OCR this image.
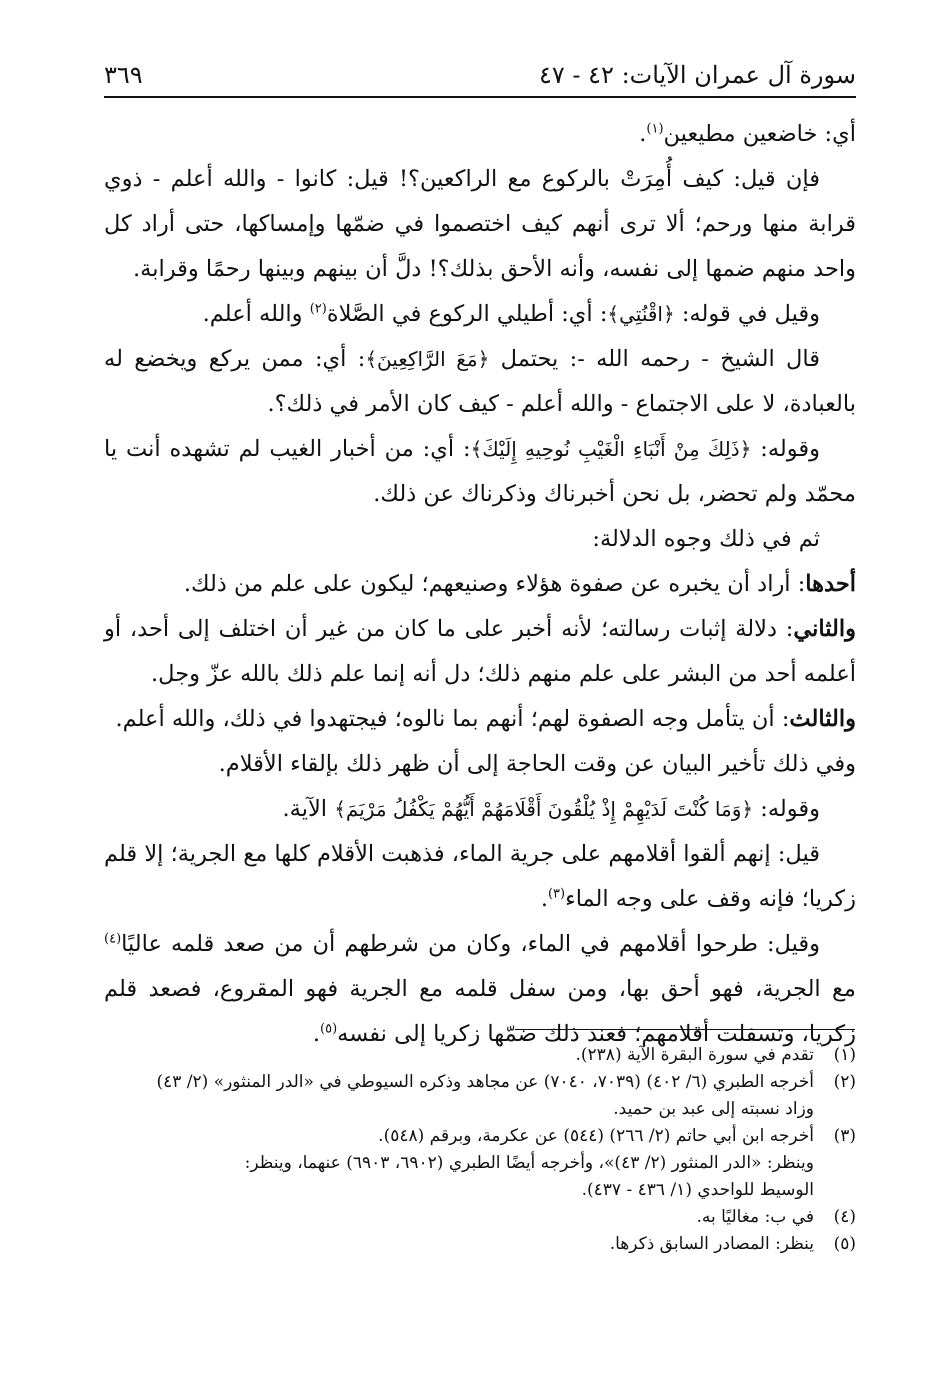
سورة آل عمران الآيات: ٤٢ - ٤٧
٣٦٩

أي: خاضعين مطيعين$^{(١)}$.

فإن قيل: كيف أُمِرَتْ بالركوع مع الراكعين؟! قيل: كانوا - والله أعلم - ذوي قرابة منها ورحم؛ ألا ترى أنهم كيف اختصموا في ضمّها وإمساكها، حتى أراد كل واحد منهم ضمها إلى نفسه، وأنه الأحق بذلك؟! دلَّ أن بينهم وبينها رحمًا وقرابة.

وقيل في قوله: ﴿اقْنُتِي﴾: أي: أطيلي الركوع في الصَّلاة$^{(٢)}$ والله أعلم.

قال الشيخ - رحمه الله -: يحتمل ﴿مَعَ الرَّاكِعِينَ﴾: أي: ممن يركع ويخضع له بالعبادة، لا على الاجتماع - والله أعلم - كيف كان الأمر في ذلك؟.

وقوله: ﴿ذَلِكَ مِنْ أَنْبَاءِ الْغَيْبِ نُوحِيهِ إِلَيْكَ﴾: أي: من أخبار الغيب لم تشهده أنت يا محمّد ولم تحضر، بل نحن أخبرناك وذكرناك عن ذلك.

ثم في ذلك وجوه الدلالة:

أحدها: أراد أن يخبره عن صفوة هؤلاء وصنيعهم؛ ليكون على علم من ذلك.

والثاني: دلالة إثبات رسالته؛ لأنه أخبر على ما كان من غير أن اختلف إلى أحد، أو أعلمه أحد من البشر على علم منهم ذلك؛ دل أنه إنما علم ذلك بالله عزّ وجل.

والثالث: أن يتأمل وجه الصفوة لهم؛ أنهم بما نالوه؛ فيجتهدوا في ذلك، والله أعلم.

وفي ذلك تأخير البيان عن وقت الحاجة إلى أن ظهر ذلك بإلقاء الأقلام.

وقوله: ﴿وَمَا كُنْتَ لَدَيْهِمْ إِذْ يُلْقُونَ أَقْلَامَهُمْ أَيُّهُمْ يَكْفُلُ مَرْيَمَ﴾ الآية.

قيل: إنهم ألقوا أقلامهم على جرية الماء، فذهبت الأقلام كلها مع الجرية؛ إلا قلم زكريا؛ فإنه وقف على وجه الماء$^{(٣)}$.

وقيل: طرحوا أقلامهم في الماء، وكان من شرطهم أن من صعد قلمه عاليًا$^{(٤)}$ مع الجرية، فهو أحق بها، ومن سفل قلمه مع الجرية فهو المقروع، فصعد قلم زكريا، وتسفلت أقلامهم؛ فعند ذلك ضمّها زكريا إلى نفسه$^{(٥)}$.

(١)
تقدم في سورة البقرة الآية (٢٣٨).
(٢)
أخرجه الطبري (٦/ ٤٠٢) (٧٠٣٩، ٧٠٤٠) عن مجاهد وذكره السيوطي في «الدر المنثور» (٢/ ٤٣)
وزاد نسبته إلى عبد بن حميد.
(٣)
أخرجه ابن أبي حاتم (٢/ ٢٦٦) (٥٤٤) عن عكرمة، وبرقم (٥٤٨).
وينظر: «الدر المنثور (٢/ ٤٣)»، وأخرجه أيضًا الطبري (٦٩٠٢، ٦٩٠٣) عنهما، وينظر:
الوسيط للواحدي (١/ ٤٣٦ - ٤٣٧).
(٤)
في ب: مغاليًا به.
(٥)
ينظر: المصادر السابق ذكرها.
